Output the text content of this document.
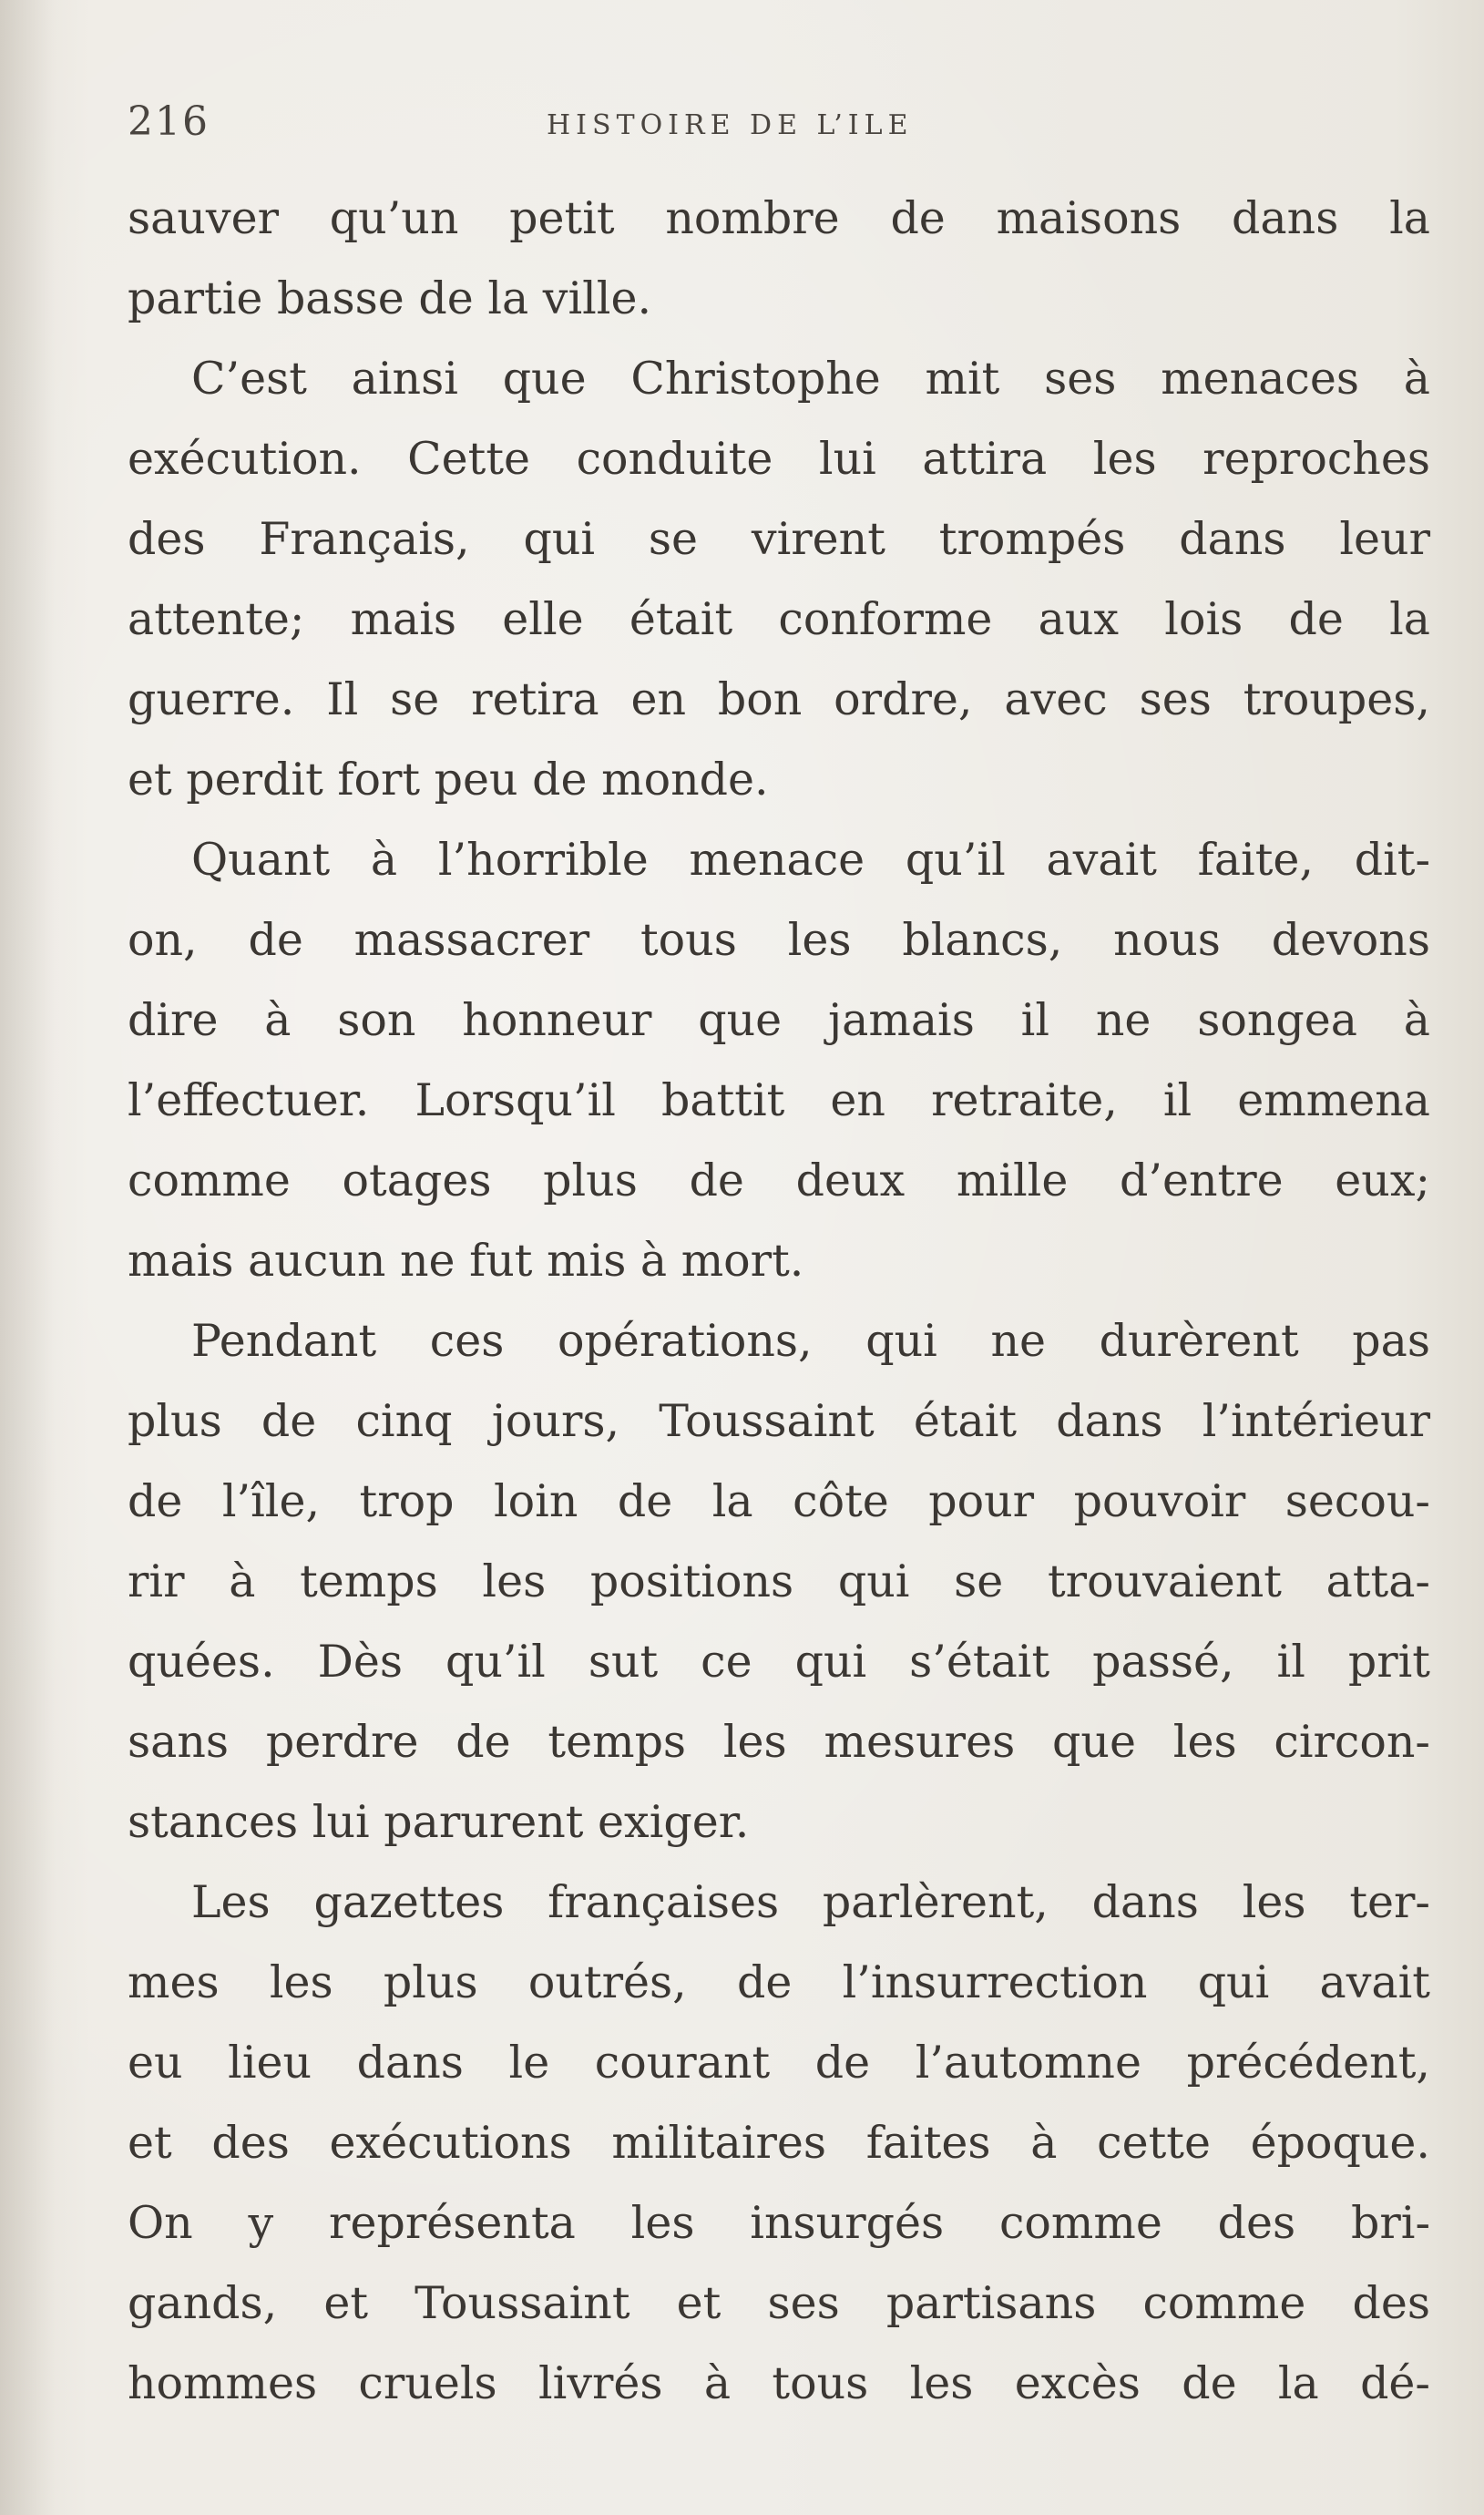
216	HISTOIRE DE L’ILE
sauver qu’un petit nombre de maisons dans la
partie basse de la ville.
C’est ainsi que Christophe mit ses menaces à
exécution. Cette conduite lui attira les reproches
des Français, qui se virent trompés dans leur
attente; mais elle était conforme aux lois de la
guerre. Il se retira en bon ordre, avec ses troupes,
et perdit fort peu de monde.
Quant à l’horrible menace qu’il avait faite, dit-
on, de massacrer tous les blancs, nous devons
dire à son honneur que jamais il ne songea à
l’effectuer. Lorsqu’il battit en retraite, il emmena
comme otages plus de deux mille d’entre eux;
mais aucun ne fut mis à mort.
Pendant ces opérations, qui ne durèrent pas
plus de cinq jours, Toussaint était dans l’intérieur
de l’île, trop loin de la côte pour pouvoir secou-
rir à temps les positions qui se trouvaient atta-
quées. Dès qu’il sut ce qui s’était passé, il prit
sans perdre de temps les mesures que les circon-
stances lui parurent exiger.
Les gazettes françaises parlèrent, dans les ter-
mes les plus outrés, de l’insurrection qui avait
eu lieu dans le courant de l’automne précédent,
et des exécutions militaires faites à cette époque.
On y représenta les insurgés comme des bri-
gands, et Toussaint et ses partisans comme des
hommes cruels livrés à tous les excès de la dé-
